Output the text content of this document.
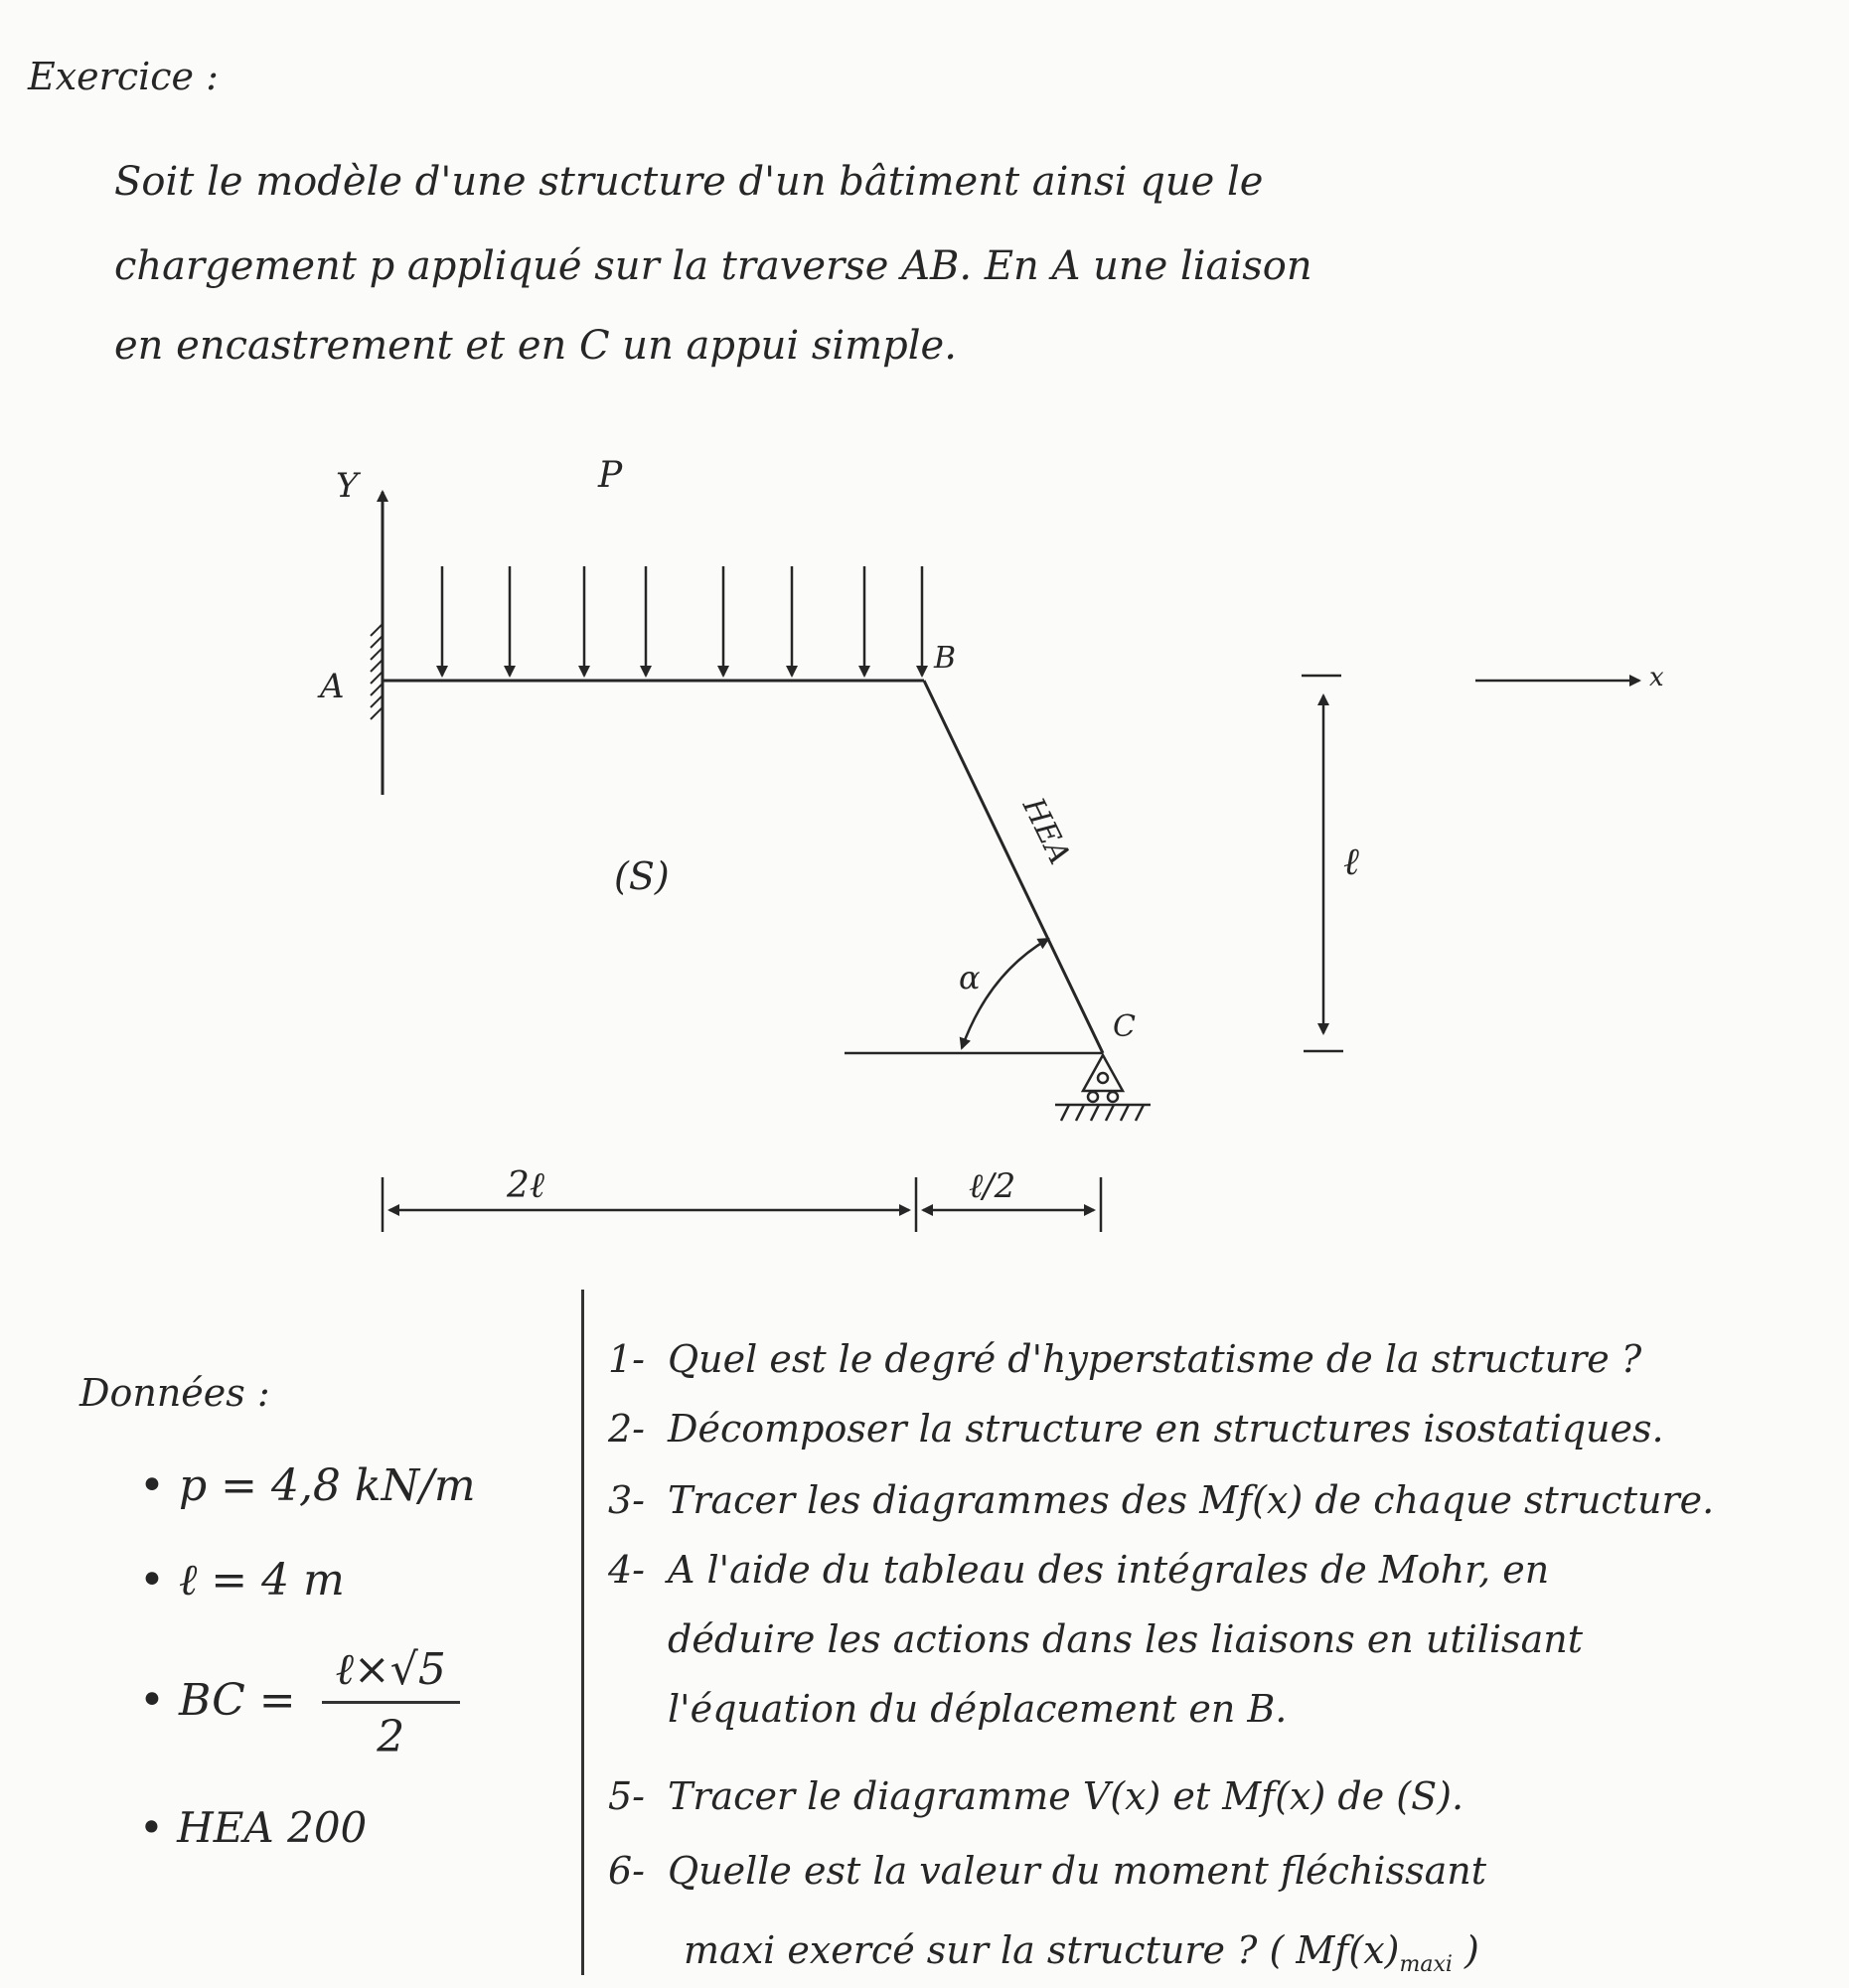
Exercice :
Soit le modèle d'une structure d'un bâtiment ainsi que le
chargement p appliqué sur la traverse AB. En A une liaison
en encastrement et en C un appui simple.
Y
A
P
B
HEA
α
C
(S)	ℓ
x
2ℓ	ℓ/2
Données :
• p = 4,8 kN/m
• ℓ = 4 m
• BC = $\frac{\text{ℓ×√5}}{2}$
• HEA 200
1- Quel est le degré d'hyperstatisme de la structure ?
2- Décomposer la structure en structures isostatiques.
3- Tracer les diagrammes des Mf(x) de chaque structure.
4- A l'aide du tableau des intégrales de Mohr, en
déduire les actions dans les liaisons en utilisant
l'équation du déplacement en B.
5- Tracer le diagramme V(x) et Mf(x) de (S).
6- Quelle est la valeur du moment fléchissant
maxi exercé sur la structure ? ( $Mf(x)_{maxi}$ )
